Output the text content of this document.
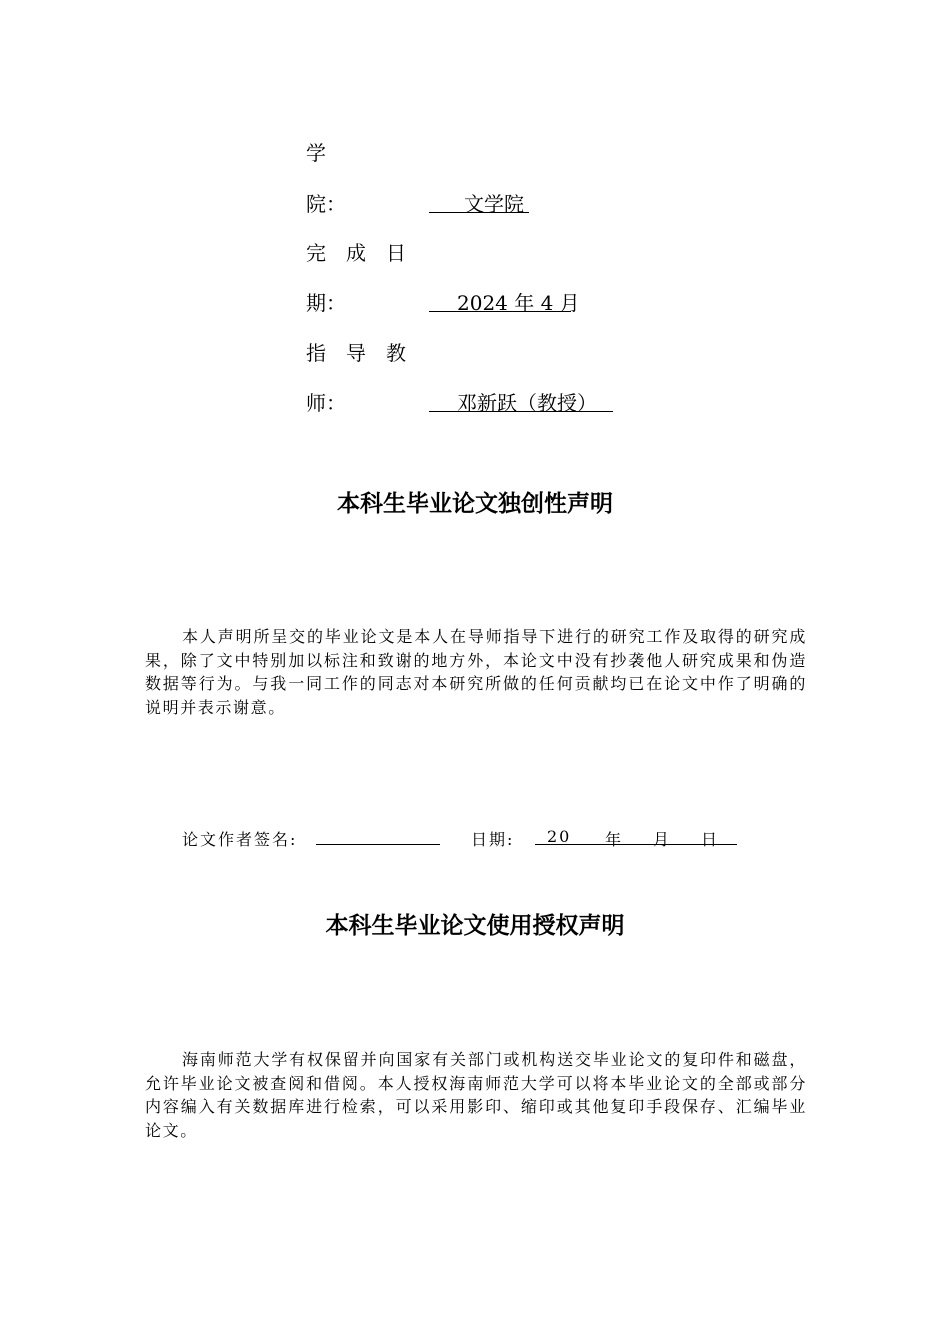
学
院：	文学院
完　成　日
期：	2024 年 4 月
指　导　教
师：	邓新跃（教授）
本科生毕业论文独创性声明
本人声明所呈交的毕业论文是本人在导师指导下进行的研究工作及取得的研究成果，除了文中特别加以标注和致谢的地方外，本论文中没有抄袭他人研究成果和伪造数据等行为。与我一同工作的同志对本研究所做的任何贡献均已在论文中作了明确的说明并表示谢意。
论文作者签名:	日期: 20 年 月 日
本科生毕业论文使用授权声明
海南师范大学有权保留并向国家有关部门或机构送交毕业论文的复印件和磁盘，允许毕业论文被查阅和借阅。本人授权海南师范大学可以将本毕业论文的全部或部分内容编入有关数据库进行检索，可以采用影印、缩印或其他复印手段保存、汇编毕业论文。
